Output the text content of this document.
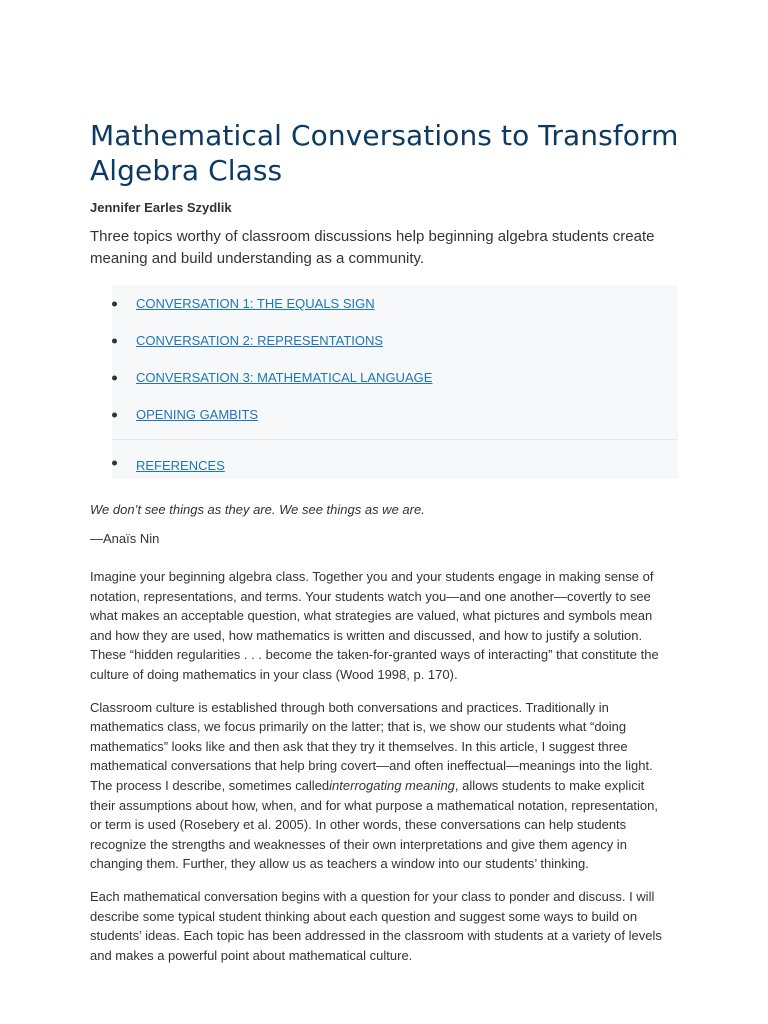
Mathematical Conversations to Transform Algebra Class
Jennifer Earles Szydlik
Three topics worthy of classroom discussions help beginning algebra students create meaning and build understanding as a community.
CONVERSATION 1: THE EQUALS SIGN
CONVERSATION 2: REPRESENTATIONS
CONVERSATION 3: MATHEMATICAL LANGUAGE
OPENING GAMBITS
REFERENCES
We don’t see things as they are. We see things as we are.
—Anaïs Nin

Imagine your beginning algebra class. Together you and your students engage in making sense of notation, representations, and terms. Your students watch you—and one another—covertly to see what makes an acceptable question, what strategies are valued, what pictures and symbols mean and how they are used, how mathematics is written and discussed, and how to justify a solution. These “hidden regularities . . . become the taken-for-granted ways of interacting” that constitute the culture of doing mathematics in your class (Wood 1998, p. 170).

Classroom culture is established through both conversations and practices. Traditionally in mathematics class, we focus primarily on the latter; that is, we show our students what “doing mathematics” looks like and then ask that they try it themselves. In this article, I suggest three mathematical conversations that help bring covert—and often ineffectual—meanings into the light. The process I describe, sometimes calledinterrogating meaning, allows students to make explicit their assumptions about how, when, and for what purpose a mathematical notation, representation, or term is used (Rosebery et al. 2005). In other words, these conversations can help students recognize the strengths and weaknesses of their own interpretations and give them agency in changing them. Further, they allow us as teachers a window into our students’ thinking.

Each mathematical conversation begins with a question for your class to ponder and discuss. I will describe some typical student thinking about each question and suggest some ways to build on students’ ideas. Each topic has been addressed in the classroom with students at a variety of levels and makes a powerful point about mathematical culture.
